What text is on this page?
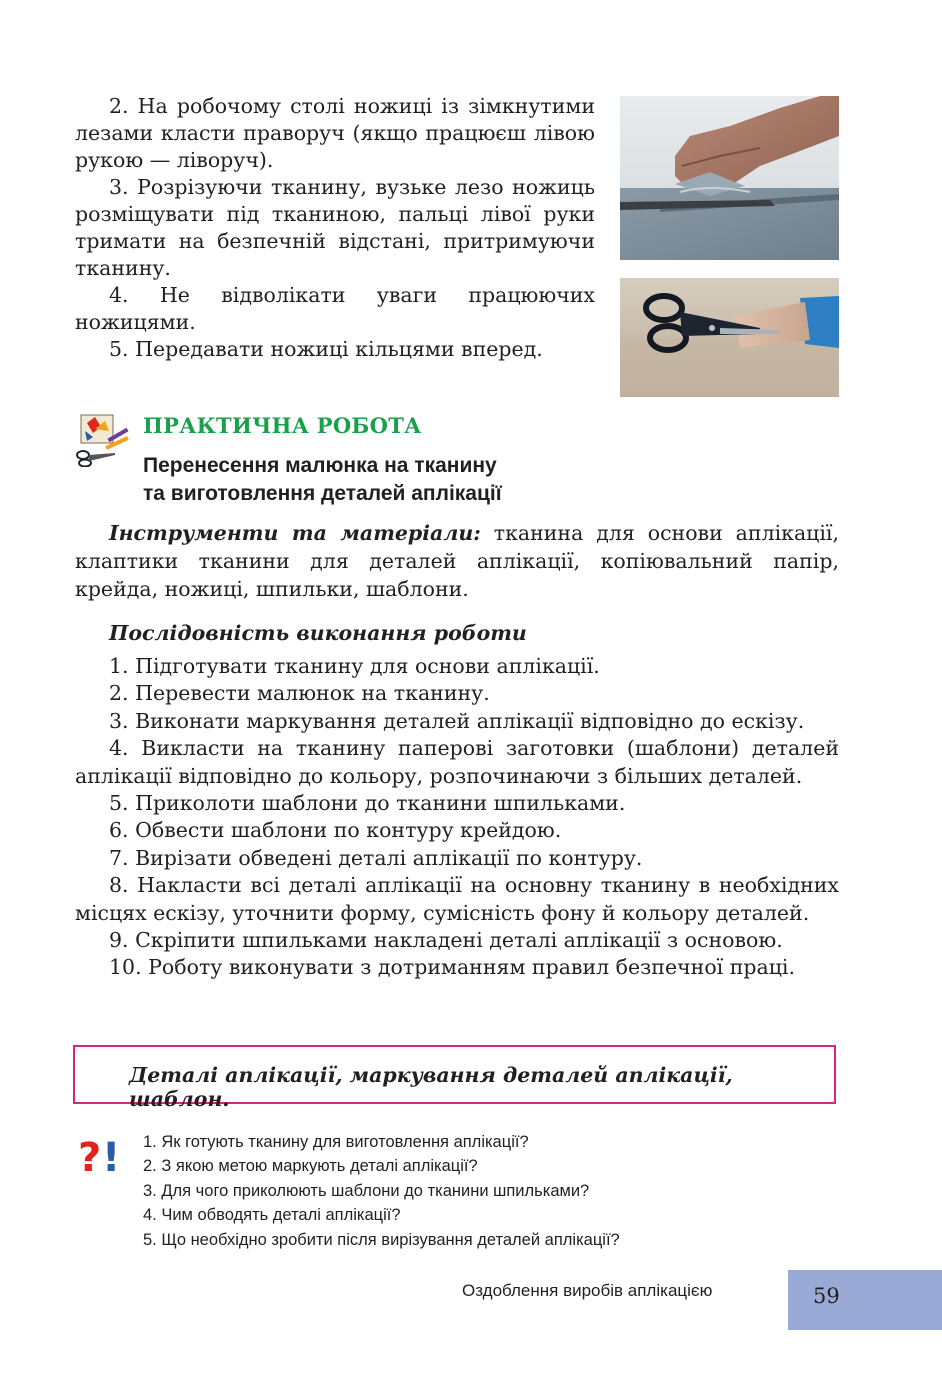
2. На робочому столі ножиці із зімкнутими лезами класти праворуч (якщо працюєш лівою рукою — ліворуч).

3. Розрізуючи тканину, вузьке лезо ножиць розміщувати під тканиною, пальці лівої руки тримати на безпечній відстані, притримуючи тканину.

4. Не відволікати уваги працюючих ножицями.

5. Передавати ножиці кільцями вперед.

ПРАКТИЧНА РОБОТА
Перенесення малюнка на тканину
та виготовлення деталей аплікації

Інструменти та матеріали: тканина для основи аплікації, клаптики тканини для деталей аплікації, копіювальний папір, крейда, ножиці, шпильки, шаблони.

Послідовність виконання роботи

1. Підготувати тканину для основи аплікації.

2. Перевести малюнок на тканину.

3. Виконати маркування деталей аплікації відповідно до ескізу.

4. Викласти на тканину паперові заготовки (шаблони) деталей аплікації відповідно до кольору, розпочинаючи з більших деталей.

5. Приколоти шаблони до тканини шпильками.

6. Обвести шаблони по контуру крейдою.

7. Вирізати обведені деталі аплікації по контуру.

8. Накласти всі деталі аплікації на основну тканину в необхідних місцях ескізу, уточнити форму, сумісність фону й кольору деталей.

9. Скріпити шпильками накладені деталі аплікації з основою.

10. Роботу виконувати з дотриманням правил безпечної праці.

Деталі аплікації, маркування деталей аплікації, шаблон.
? ! 1. Як готують тканину для виготовлення аплікації?
2. З якою метою маркують деталі аплікації?
3. Для чого приколюють шаблони до тканини шпильками?
4. Чим обводять деталі аплікації?
5. Що необхідно зробити після вирізування деталей аплікації?
Оздоблення виробів аплікацією	59
